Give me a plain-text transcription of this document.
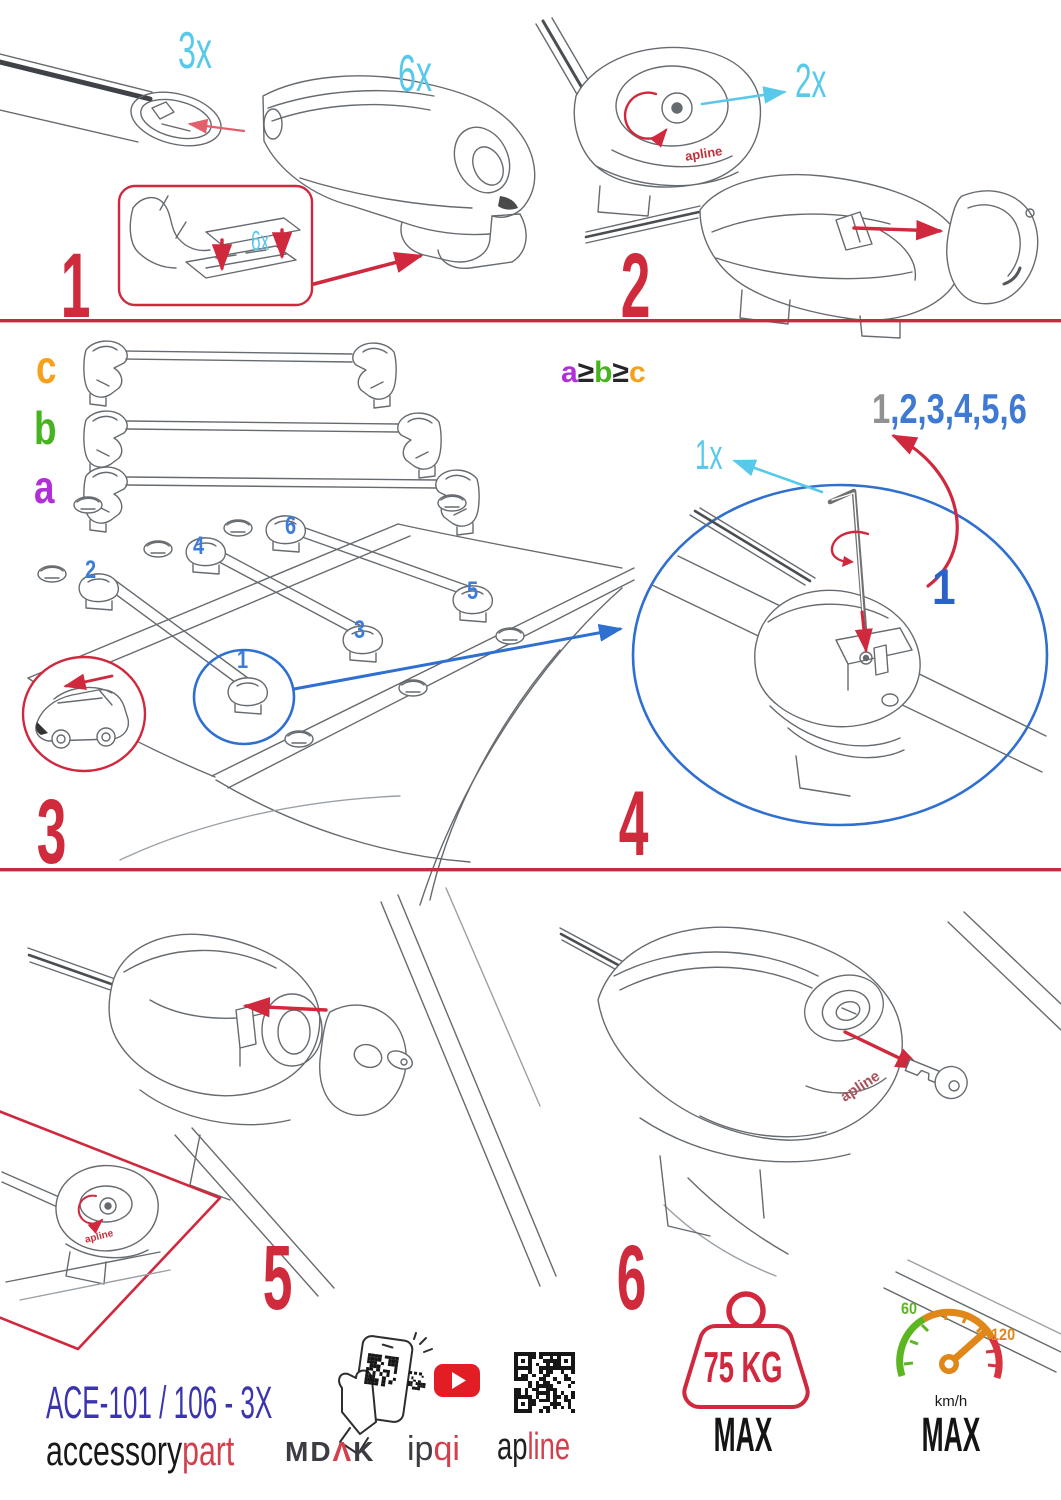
1
3x	6x
6x	2
2x
apline
3
c
b
a
1
2
3
4
5
6
4
a≥b≥c
1,2,3,4,5,6
1x
1
5
apline	6
apline
ACE-101 / 106 - 3X
accessorypart MDΛK ipqi apline
75 KG
MAX
60
120
km/h
MAX
